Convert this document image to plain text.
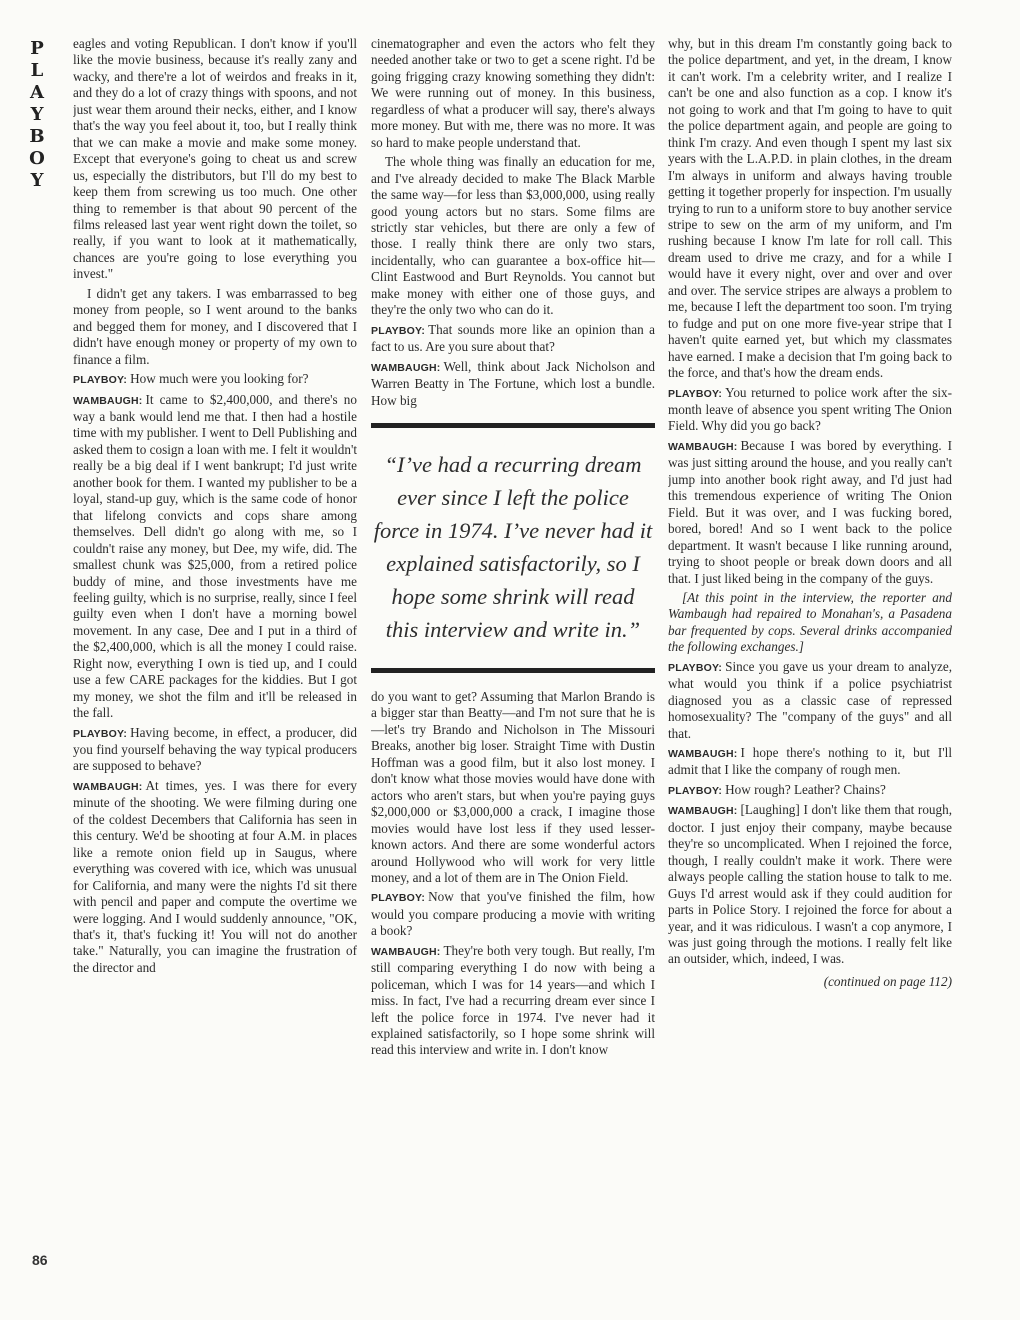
P
L
A
Y
B
O
Y
86

eagles and voting Republican. I don't know if you'll like the movie business, because it's really zany and wacky, and there're a lot of weirdos and freaks in it, and they do a lot of crazy things with spoons, and not just wear them around their necks, either, and I know that's the way you feel about it, too, but I really think that we can make a movie and make some money. Except that everyone's going to cheat us and screw us, especially the distributors, but I'll do my best to keep them from screwing us too much. One other thing to remember is that about 90 percent of the films released last year went right down the toilet, so really, if you want to look at it mathematically, chances are you're going to lose everything you invest."

I didn't get any takers. I was embarrassed to beg money from people, so I went around to the banks and begged them for money, and I discovered that I didn't have enough money or property of my own to finance a film.

PLAYBOY: How much were you looking for?

WAMBAUGH: It came to $2,400,000, and there's no way a bank would lend me that. I then had a hostile time with my publisher. I went to Dell Publishing and asked them to cosign a loan with me. I felt it wouldn't really be a big deal if I went bankrupt; I'd just write another book for them. I wanted my publisher to be a loyal, stand-up guy, which is the same code of honor that lifelong convicts and cops share among themselves. Dell didn't go along with me, so I couldn't raise any money, but Dee, my wife, did. The smallest chunk was $25,000, from a retired police buddy of mine, and those investments have me feeling guilty, which is no surprise, really, since I feel guilty even when I don't have a morning bowel movement. In any case, Dee and I put in a third of the $2,400,000, which is all the money I could raise. Right now, everything I own is tied up, and I could use a few CARE packages for the kiddies. But I got my money, we shot the film and it'll be released in the fall.

PLAYBOY: Having become, in effect, a producer, did you find yourself behaving the way typical producers are supposed to behave?

WAMBAUGH: At times, yes. I was there for every minute of the shooting. We were filming during one of the coldest Decembers that California has seen in this century. We'd be shooting at four A.M. in places like a remote onion field up in Saugus, where everything was covered with ice, which was unusual for California, and many were the nights I'd sit there with pencil and paper and compute the overtime we were logging. And I would suddenly announce, "OK, that's it, that's fucking it! You will not do another take." Naturally, you can imagine the frustration of the director and

cinematographer and even the actors who felt they needed another take or two to get a scene right. I'd be going frigging crazy knowing something they didn't: We were running out of money. In this business, regardless of what a producer will say, there's always more money. But with me, there was no more. It was so hard to make people understand that.

The whole thing was finally an education for me, and I've already decided to make The Black Marble the same way—for less than $3,000,000, using really good young actors but no stars. Some films are strictly star vehicles, but there are only a few of those. I really think there are only two stars, incidentally, who can guarantee a box-office hit—Clint Eastwood and Burt Reynolds. You cannot but make money with either one of those guys, and they're the only two who can do it.

PLAYBOY: That sounds more like an opinion than a fact to us. Are you sure about that?

WAMBAUGH: Well, think about Jack Nicholson and Warren Beatty in The Fortune, which lost a bundle. How big

“I’ve had a recurring dream ever since I left the police force in 1974. I’ve never had it explained satisfactorily, so I hope some shrink will read this interview and write in.”

do you want to get? Assuming that Marlon Brando is a bigger star than Beatty—and I'm not sure that he is—let's try Brando and Nicholson in The Missouri Breaks, another big loser. Straight Time with Dustin Hoffman was a good film, but it also lost money. I don't know what those movies would have done with actors who aren't stars, but when you're paying guys $2,000,000 or $3,000,000 a crack, I imagine those movies would have lost less if they used lesser-known actors. And there are some wonderful actors around Hollywood who will work for very little money, and a lot of them are in The Onion Field.

PLAYBOY: Now that you've finished the film, how would you compare producing a movie with writing a book?

WAMBAUGH: They're both very tough. But really, I'm still comparing everything I do now with being a policeman, which I was for 14 years—and which I miss. In fact, I've had a recurring dream ever since I left the police force in 1974. I've never had it explained satisfactorily, so I hope some shrink will read this interview and write in. I don't know

why, but in this dream I'm constantly going back to the police department, and yet, in the dream, I know it can't work. I'm a celebrity writer, and I realize I can't be one and also function as a cop. I know it's not going to work and that I'm going to have to quit the police department again, and people are going to think I'm crazy. And even though I spent my last six years with the L.A.P.D. in plain clothes, in the dream I'm always in uniform and always having trouble getting it together properly for inspection. I'm usually trying to run to a uniform store to buy another service stripe to sew on the arm of my uniform, and I'm rushing because I know I'm late for roll call. This dream used to drive me crazy, and for a while I would have it every night, over and over and over and over. The service stripes are always a problem to me, because I left the department too soon. I'm trying to fudge and put on one more five-year stripe that I haven't quite earned yet, but which my classmates have earned. I make a decision that I'm going back to the force, and that's how the dream ends.

PLAYBOY: You returned to police work after the six-month leave of absence you spent writing The Onion Field. Why did you go back?

WAMBAUGH: Because I was bored by everything. I was just sitting around the house, and you really can't jump into another book right away, and I'd just had this tremendous experience of writing The Onion Field. But it was over, and I was fucking bored, bored, bored! And so I went back to the police department. It wasn't because I like running around, trying to shoot people or break down doors and all that. I just liked being in the company of the guys.

[At this point in the interview, the reporter and Wambaugh had repaired to Monahan's, a Pasadena bar frequented by cops. Several drinks accompanied the following exchanges.]

PLAYBOY: Since you gave us your dream to analyze, what would you think if a police psychiatrist diagnosed you as a classic case of repressed homosexuality? The "company of the guys" and all that.

WAMBAUGH: I hope there's nothing to it, but I'll admit that I like the company of rough men.

PLAYBOY: How rough? Leather? Chains?

WAMBAUGH: [Laughing] I don't like them that rough, doctor. I just enjoy their company, maybe because they're so uncomplicated. When I rejoined the force, though, I really couldn't make it work. There were always people calling the station house to talk to me. Guys I'd arrest would ask if they could audition for parts in Police Story. I rejoined the force for about a year, and it was ridiculous. I wasn't a cop anymore, I was just going through the motions. I really felt like an outsider, which, indeed, I was.

(continued on page 112)
